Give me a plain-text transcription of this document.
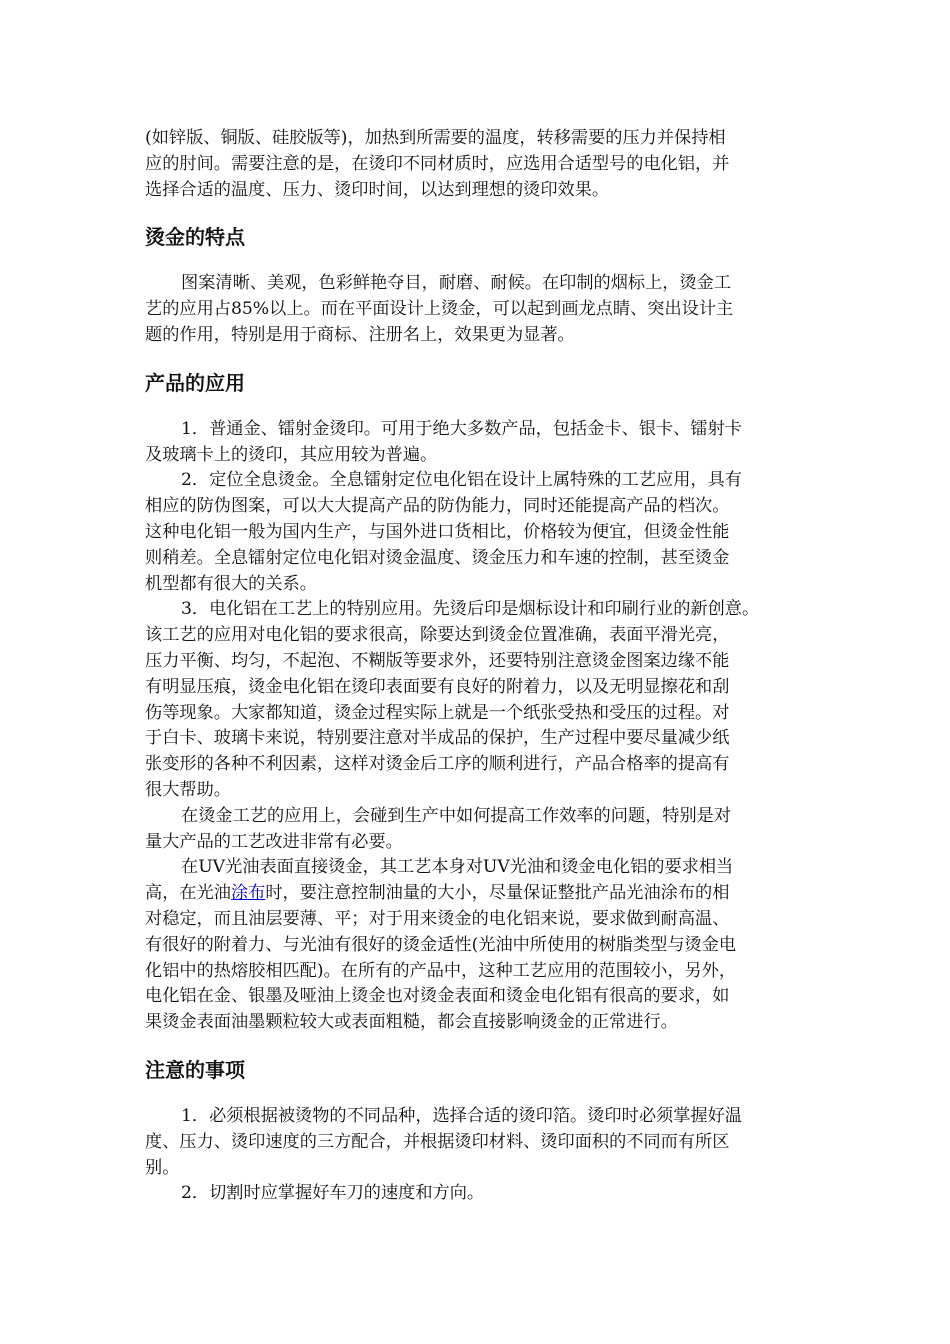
(如锌版、铜版、硅胶版等)，加热到所需要的温度，转移需要的压力并保持相
应的肘间。需要注意的是，在烫印不同材质时，应选用合适型号的电化铝，并
选择合适的温度、压力、烫印时间，以达到理想的烫印效果。
烫金的特点
图案清晰、美观，色彩鲜艳夺目，耐磨、耐候。在印制的烟标上，烫金工
艺的应用占85%以上。而在平面设计上烫金，可以起到画龙点睛、突出设计主
题的作用，特别是用于商标、注册名上，效果更为显著。
产品的应用
1．普通金、镭射金烫印。可用于绝大多数产品，包括金卡、银卡、镭射卡
及玻璃卡上的烫印，其应用较为普遍。
2．定位全息烫金。全息镭射定位电化铝在设计上属特殊的工艺应用，具有
相应的防伪图案，可以大大提高产品的防伪能力，同时还能提高产品的档次。
这种电化铝一般为国内生产，与国外进口货相比，价格较为便宜，但烫金性能
则稍差。全息镭射定位电化铝对烫金温度、烫金压力和车速的控制，甚至烫金
机型都有很大的关系。
3．电化铝在工艺上的特别应用。先烫后印是烟标设计和印刷行业的新创意。
该工艺的应用对电化铝的要求很高，除要达到烫金位置准确，表面平滑光亮，
压力平衡、均匀，不起泡、不糊版等要求外，还要特别注意烫金图案边缘不能
有明显压痕，烫金电化铝在烫印表面要有良好的附着力，以及无明显擦花和刮
伤等现象。大家都知道，烫金过程实际上就是一个纸张受热和受压的过程。对
于白卡、玻璃卡来说，特别要注意对半成品的保护，生产过程中要尽量减少纸
张变形的各种不利因素，这样对烫金后工序的顺利进行，产品合格率的提高有
很大帮助。
在烫金工艺的应用上，会碰到生产中如何提高工作效率的问题，特别是对
量大产品的工艺改进非常有必要。
在UV光油表面直接烫金，其工艺本身对UV光油和烫金电化铝的要求相当
高，在光油涂布时，要注意控制油量的大小，尽量保证整批产品光油涂布的相
对稳定，而且油层要薄、平；对于用来烫金的电化铝来说，要求做到耐高温、
有很好的附着力、与光油有很好的烫金适性(光油中所使用的树脂类型与烫金电
化铝中的热熔胶相匹配)。在所有的产品中，这种工艺应用的范围较小，另外，
电化铝在金、银墨及哑油上烫金也对烫金表面和烫金电化铝有很高的要求，如
果烫金表面油墨颗粒较大或表面粗糙，都会直接影响烫金的正常进行。
注意的事项
1．必须根据被烫物的不同品种，选择合适的烫印箔。烫印时必须掌握好温
度、压力、烫印速度的三方配合，并根据烫印材料、烫印面积的不同而有所区
别。
2．切割时应掌握好车刀的速度和方向。
